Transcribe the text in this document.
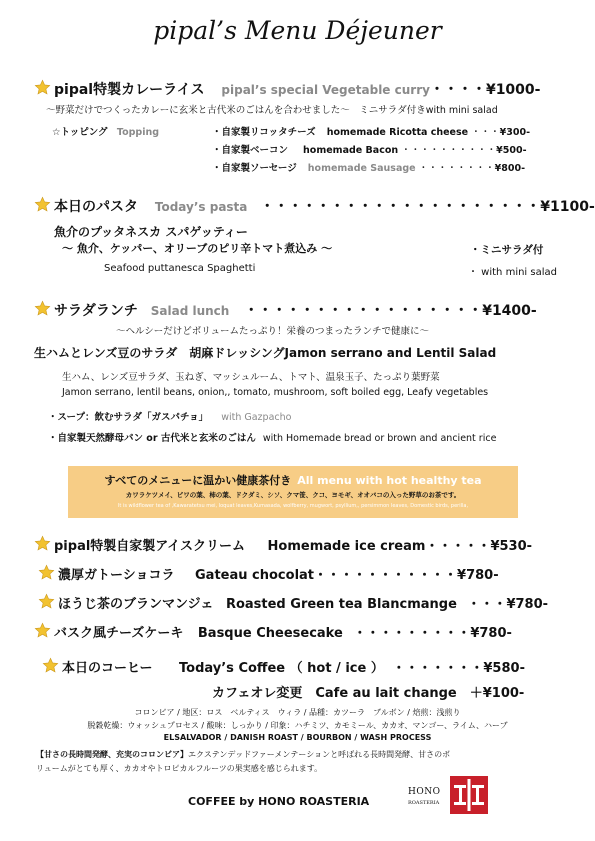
pipal’s Menu Déjeuner
pipal特製カレーライス pipal’s special Vegetable curry・・・・¥1000-
〜野菜だけでつくったカレーに玄米と古代米のごはんを合わせました〜　ミニサラダ付きwith mini salad
☆トッピング Topping	・自家製リコッタチーズ homemade Ricotta cheese ・・・¥300-
・自家製ベーコン homemade Bacon ・・・・・・・・・・¥500-
・自家製ソーセージ homemade Sausage ・・・・・・・・¥800-
本日のパスタ Today’s pasta ・・・・・・・・・・・・・・・・・・・・¥1100-
魚介のプッタネスカ スパゲッティー
〜 魚介、ケッパー、オリーブのピリ辛トマト煮込み 〜	・ミニサラダ付
Seafood puttanesca Spaghetti	・ with mini salad
サラダランチ Salad lunch ・・・・・・・・・・・・・・・・・¥1400-
〜ヘルシーだけどボリュームたっぷり！栄養のつまったランチで健康に〜
生ハムとレンズ豆のサラダ　胡麻ドレッシングJamon serrano and Lentil Salad
生ハム、レンズ豆サラダ、玉ねぎ、マッシュルーム、トマト、温泉玉子、たっぷり葉野菜
Jamon serrano, lentil beans, onion,, tomato, mushroom, soft boiled egg, Leafy vegetables
・スープ：飲むサラダ「ガスパチョ」 with Gazpacho
・自家製天然酵母パン or 古代米と玄米のごはん with Homemade bread or brown and ancient rice
すべてのメニューに温かい健康茶付き All menu with hot healthy tea
カワラケツメイ、ビワの葉、柿の葉、ドクダミ、シソ、クマ笹、クコ、ヨモギ、オオバコの入った野草のお茶です。
It is wildflower tea of ,Kawaratetsu mei, loquat leaves,Kumasada, wolfberry, mugwort, psyllium,, persimmon leaves, Domestic birds, perilla,
pipal特製自家製アイスクリーム Homemade ice cream・・・・・¥530-
濃厚ガトーショコラ Gateau chocolat・・・・・・・・・・・¥780-
ほうじ茶のブランマンジェ Roasted Green tea Blancmange ・・・¥780-
バスク風チーズケーキ Basque Cheesecake ・・・・・・・・・¥780-
本日のコーヒー Today’s Coffee （ hot / ice ） ・・・・・・・¥580-
カフェオレ変更　Cafe au lait change　＋¥100-
コロンビア / 地区：ロス　ベルティス　ウィラ / 品種：カツーラ　ブルボン / 焙煎：浅煎り
脱穀乾燥：ウォッシュプロセス / 酸味：しっかり / 印象：ハチミツ、カモミール、カカオ、マンゴー、ライム、ハーブ
ELSALVADOR / DANISH ROAST / BOURBON / WASH PROCESS
【甘さの長時間発酵、充実のコロンビア】エクステンデッドファーメンテーションと呼ばれる長時間発酵、甘さのボ
リュームがとても厚く、カカオやトロピカルフルーツの果実感を感じられます。
COFFEE by HONO ROASTERIA
HONO
ROASTERIA
